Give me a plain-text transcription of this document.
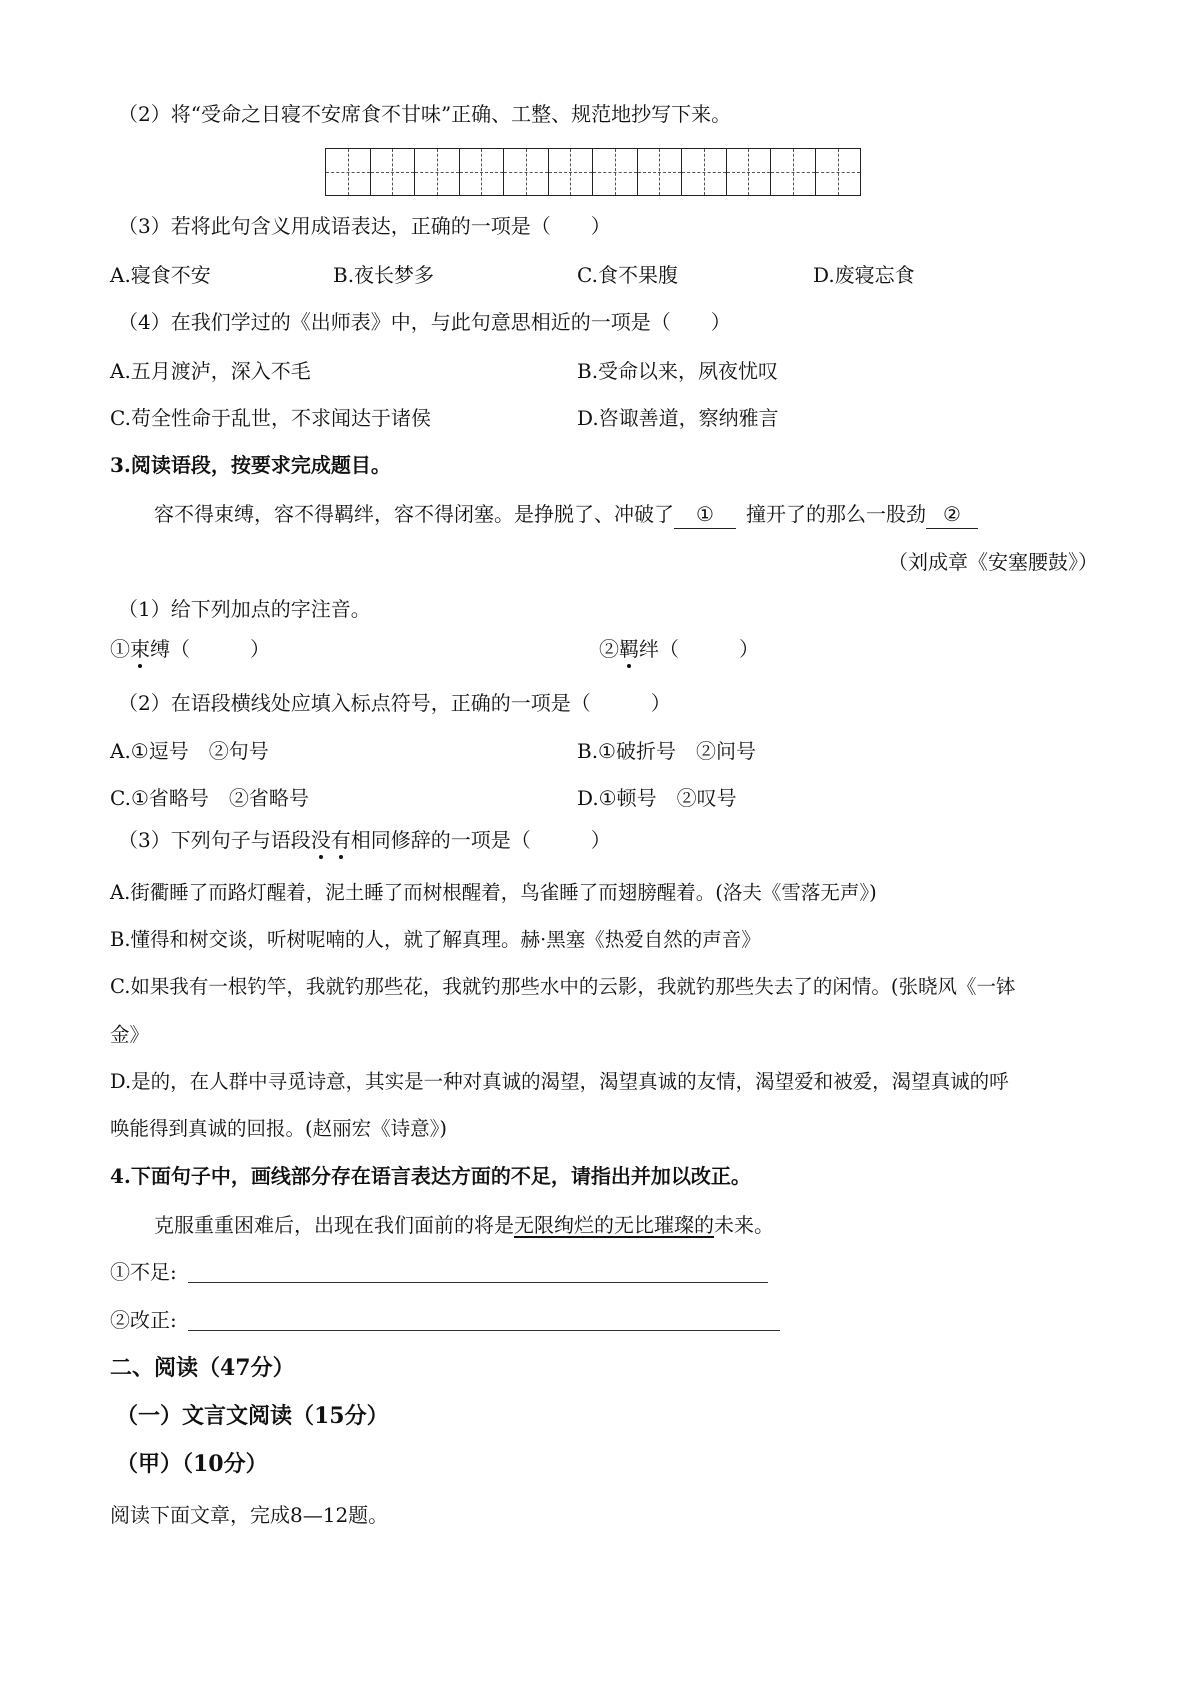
（2）将“受命之日寝不安席食不甘味”正确、工整、规范地抄写下来。
（3）若将此句含义用成语表达，正确的一项是（　　）
A.寝食不安	B.夜长梦多	C.食不果腹	D.废寝忘食
（4）在我们学过的《出师表》中，与此句意思相近的一项是（　　）
A.五月渡泸，深入不毛	B.受命以来，夙夜忧叹
C.苟全性命于乱世，不求闻达于诸侯	D.咨诹善道，察纳雅言
3.阅读语段，按要求完成题目。
容不得束缚，容不得羁绊，容不得闭塞。是挣脱了、冲破了 ① 撞开了的那么一股劲 ②
（刘成章《安塞腰鼓》）
（1）给下列加点的字注音。
①束缚（　　　）	②羁绊（　　　）
（2）在语段横线处应填入标点符号，正确的一项是（　　　）
A.①逗号　②句号	B.①破折号　②问号
C.①省略号　②省略号	D.①顿号　②叹号
（3）下列句子与语段没有相同修辞的一项是（　　　）
A.街衢睡了而路灯醒着，泥土睡了而树根醒着，鸟雀睡了而翅膀醒着。(洛夫《雪落无声》)
B.懂得和树交谈，听树呢喃的人，就了解真理。赫·黑塞《热爱自然的声音》
C.如果我有一根钓竿，我就钓那些花，我就钓那些水中的云影，我就钓那些失去了的闲情。(张晓风《一钵
金》
D.是的，在人群中寻觅诗意，其实是一种对真诚的渴望，渴望真诚的友情，渴望爱和被爱，渴望真诚的呼
唤能得到真诚的回报。(赵丽宏《诗意》)
4.下面句子中，画线部分存在语言表达方面的不足，请指出并加以改正。
克服重重困难后，出现在我们面前的将是无限绚烂的无比璀璨的未来。
①不足:
②改正:
二、阅读（47分）
（一）文言文阅读（15分）
（甲）（10分）
阅读下面文章，完成8—12题。
